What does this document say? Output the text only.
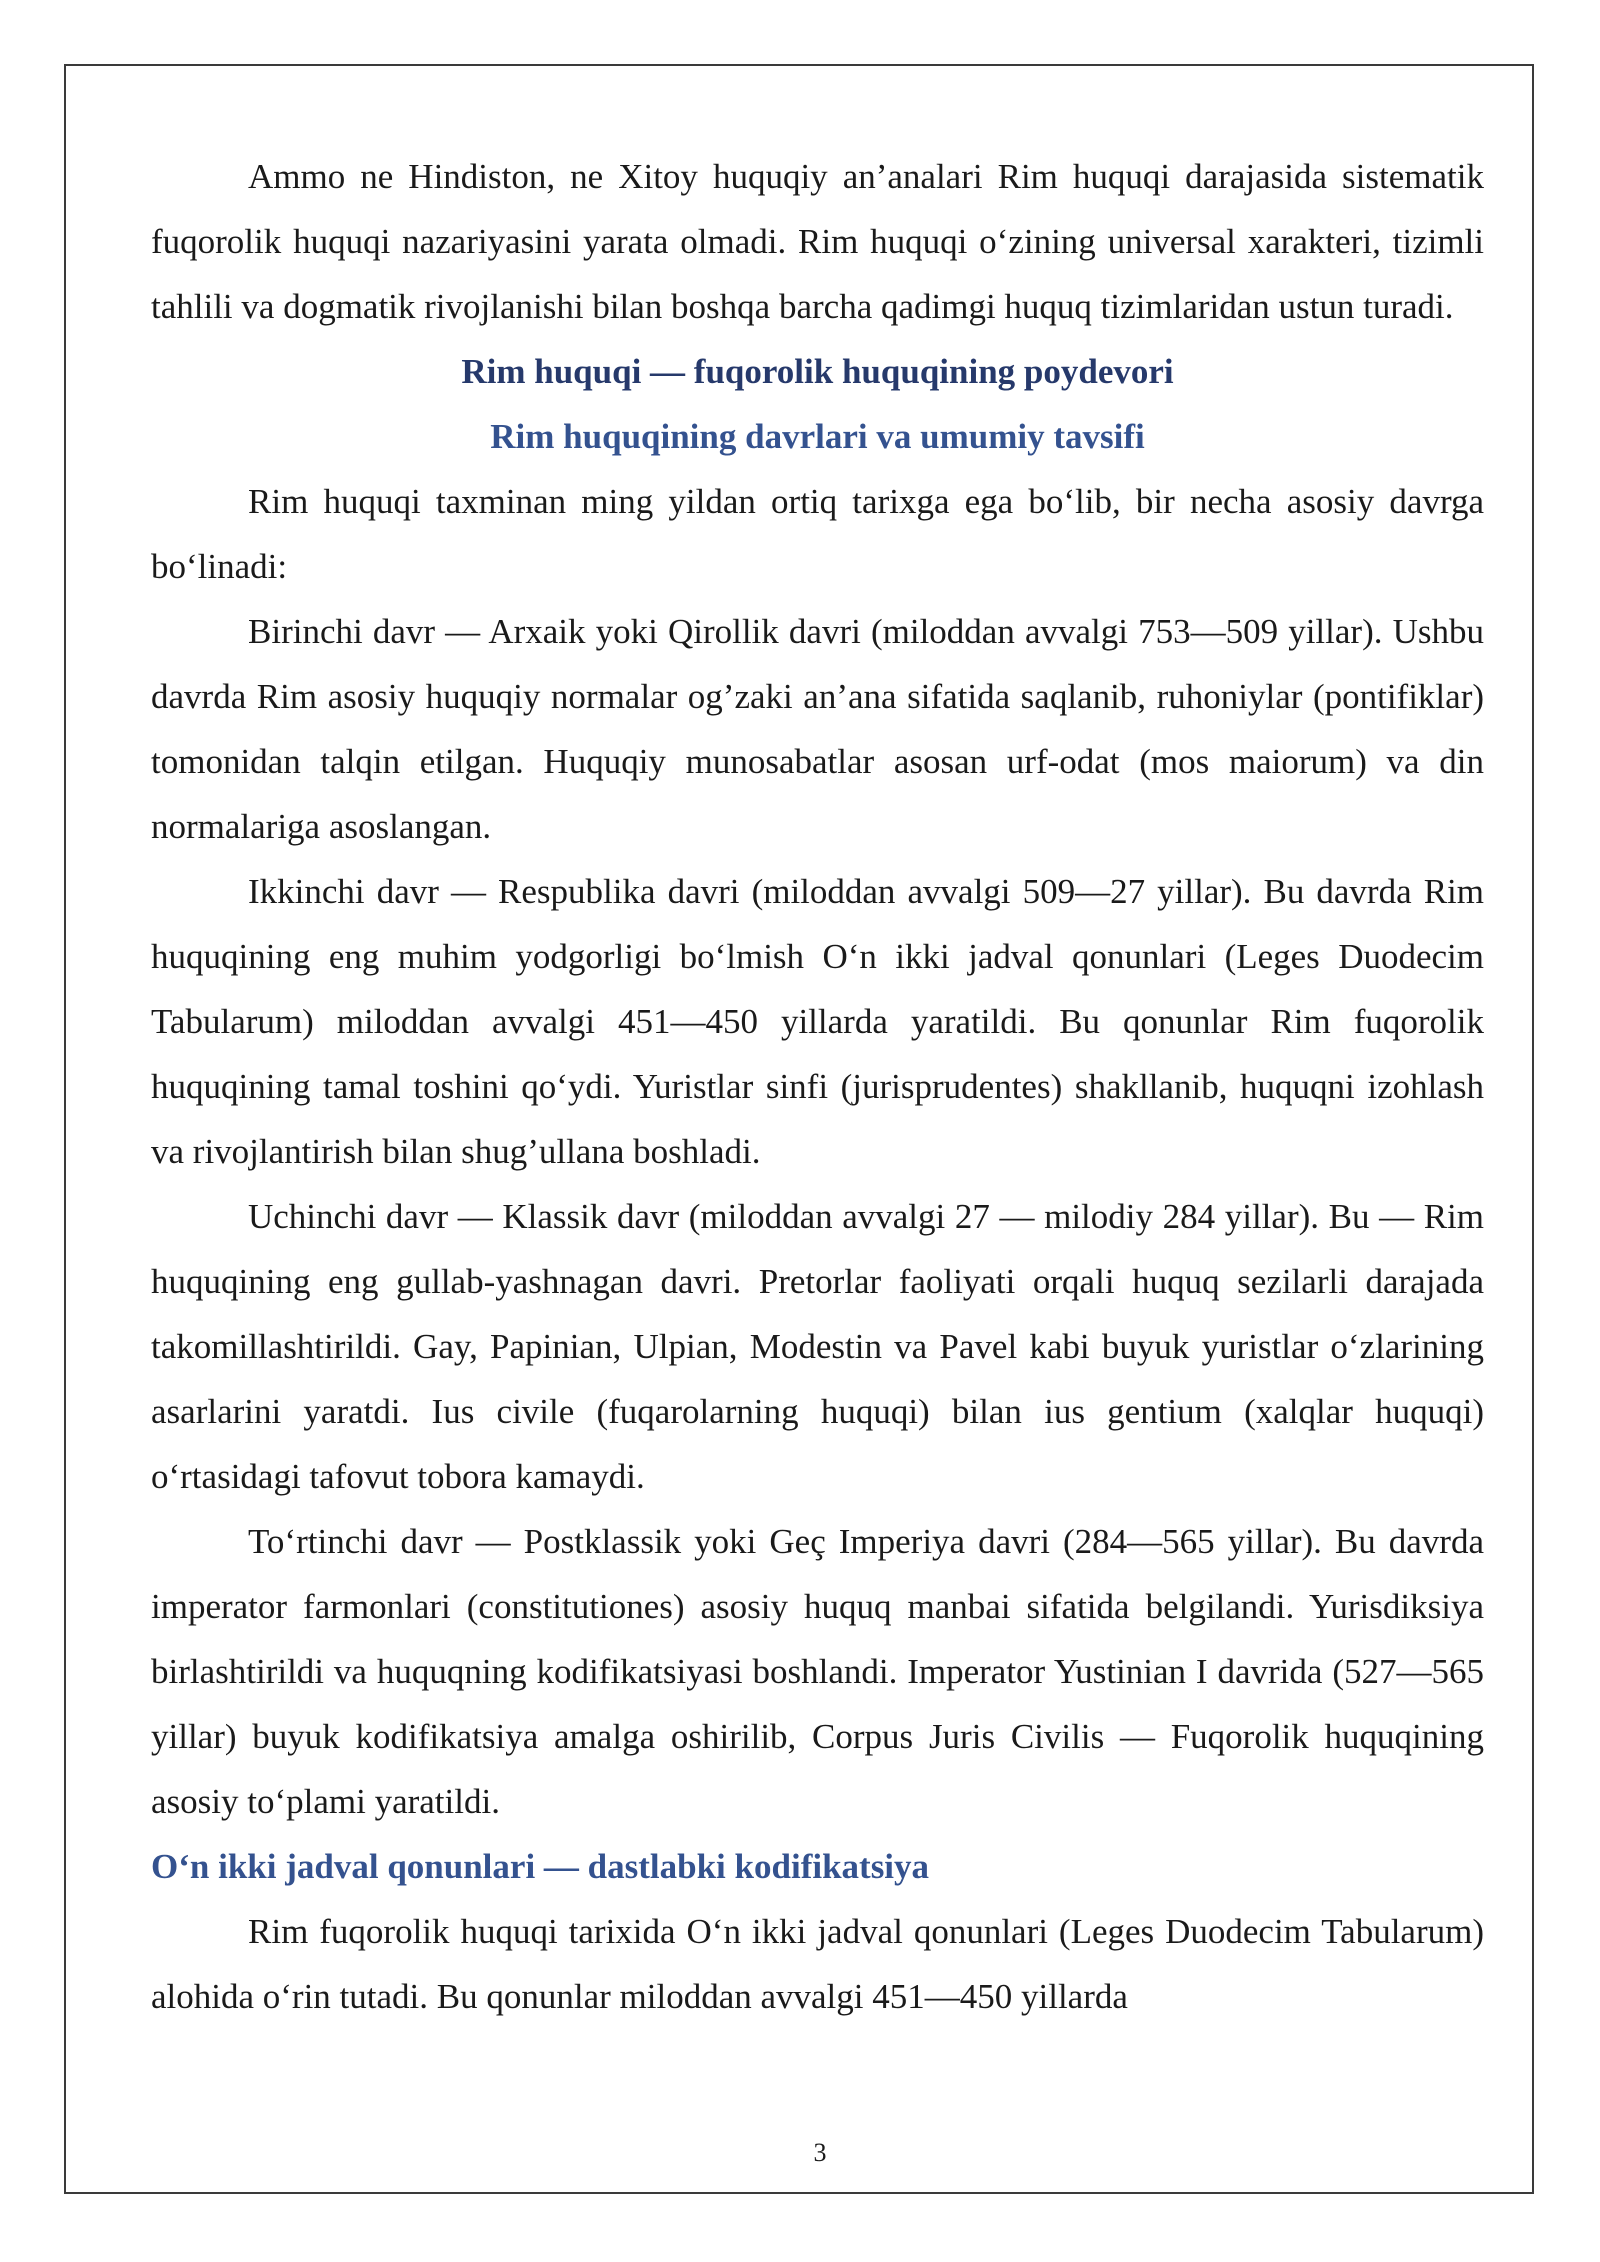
Ammo ne Hindiston, ne Xitoy huquqiy an’analari Rim huquqi darajasida sistematik fuqorolik huquqi nazariyasini yarata olmadi. Rim huquqi o‘zining universal xarakteri, tizimli tahlili va dogmatik rivojlanishi bilan boshqa barcha qadimgi huquq tizimlaridan ustun turadi.

Rim huquqi — fuqorolik huquqining poydevori

Rim huquqining davrlari va umumiy tavsifi

Rim huquqi taxminan ming yildan ortiq tarixga ega bo‘lib, bir necha asosiy davrga bo‘linadi:

Birinchi davr — Arxaik yoki Qirollik davri (miloddan avvalgi 753—509 yillar). Ushbu davrda Rim asosiy huquqiy normalar og’zaki an’ana sifatida saqlanib, ruhoniylar (pontifiklar) tomonidan talqin etilgan. Huquqiy munosabatlar asosan urf-odat (mos maiorum) va din normalariga asoslangan.

Ikkinchi davr — Respublika davri (miloddan avvalgi 509—27 yillar). Bu davrda Rim huquqining eng muhim yodgorligi bo‘lmish O‘n ikki jadval qonunlari (Leges Duodecim Tabularum) miloddan avvalgi 451—450 yillarda yaratildi. Bu qonunlar Rim fuqorolik huquqining tamal toshini qo‘ydi. Yuristlar sinfi (jurisprudentes) shakllanib, huquqni izohlash va rivojlantirish bilan shug’ullana boshladi.

Uchinchi davr — Klassik davr (miloddan avvalgi 27 — milodiy 284 yillar). Bu — Rim huquqining eng gullab-yashnagan davri. Pretorlar faoliyati orqali huquq sezilarli darajada takomillashtirildi. Gay, Papinian, Ulpian, Modestin va Pavel kabi buyuk yuristlar o‘zlarining asarlarini yaratdi. Ius civile (fuqarolarning huquqi) bilan ius gentium (xalqlar huquqi) o‘rtasidagi tafovut tobora kamaydi.

To‘rtinchi davr — Postklassik yoki Geç Imperiya davri (284—565 yillar). Bu davrda imperator farmonlari (constitutiones) asosiy huquq manbai sifatida belgilandi. Yurisdiksiya birlashtirildi va huquqning kodifikatsiyasi boshlandi. Imperator Yustinian I davrida (527—565 yillar) buyuk kodifikatsiya amalga oshirilib, Corpus Juris Civilis — Fuqorolik huquqining asosiy to‘plami yaratildi.

O‘n ikki jadval qonunlari — dastlabki kodifikatsiya

Rim fuqorolik huquqi tarixida O‘n ikki jadval qonunlari (Leges Duodecim Tabularum) alohida o‘rin tutadi. Bu qonunlar miloddan avvalgi 451—450 yillarda

3
